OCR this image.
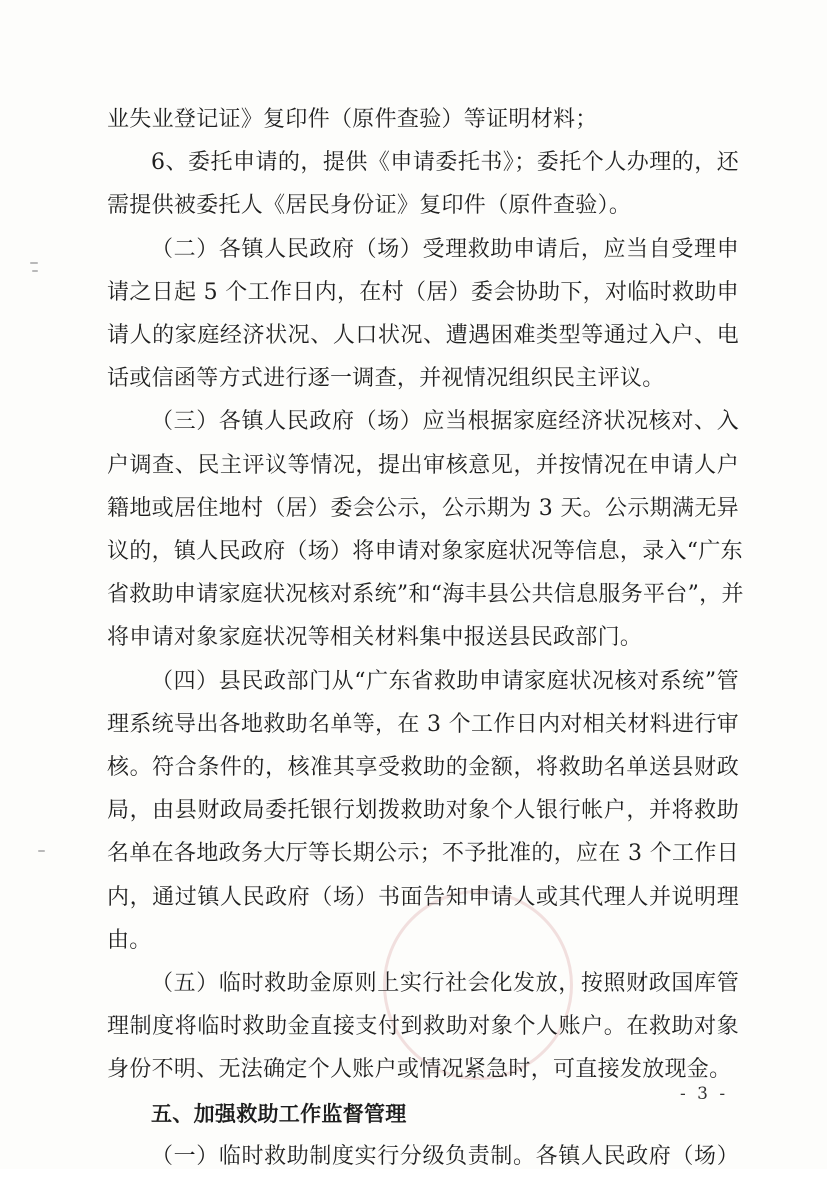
业失业登记证》复印件（原件查验）等证明材料；
6、委托申请的，提供《申请委托书》；委托个人办理的，还
需提供被委托人《居民身份证》复印件（原件查验）。
（二）各镇人民政府（场）受理救助申请后，应当自受理申
请之日起 5 个工作日内，在村（居）委会协助下，对临时救助申
请人的家庭经济状况、人口状况、遭遇困难类型等通过入户、电
话或信函等方式进行逐一调查，并视情况组织民主评议。
（三）各镇人民政府（场）应当根据家庭经济状况核对、入
户调查、民主评议等情况，提出审核意见，并按情况在申请人户
籍地或居住地村（居）委会公示，公示期为 3 天。公示期满无异
议的，镇人民政府（场）将申请对象家庭状况等信息，录入“广东
省救助申请家庭状况核对系统”和“海丰县公共信息服务平台”，并
将申请对象家庭状况等相关材料集中报送县民政部门。
（四）县民政部门从“广东省救助申请家庭状况核对系统”管
理系统导出各地救助名单等，在 3 个工作日内对相关材料进行审
核。符合条件的，核准其享受救助的金额，将救助名单送县财政
局，由县财政局委托银行划拨救助对象个人银行帐户，并将救助
名单在各地政务大厅等长期公示；不予批准的，应在 3 个工作日
内，通过镇人民政府（场）书面告知申请人或其代理人并说明理
由。
（五）临时救助金原则上实行社会化发放，按照财政国库管
理制度将临时救助金直接支付到救助对象个人账户。在救助对象
身份不明、无法确定个人账户或情况紧急时，可直接发放现金。
- 3 -
五、加强救助工作监督管理
（一）临时救助制度实行分级负责制。各镇人民政府（场）
